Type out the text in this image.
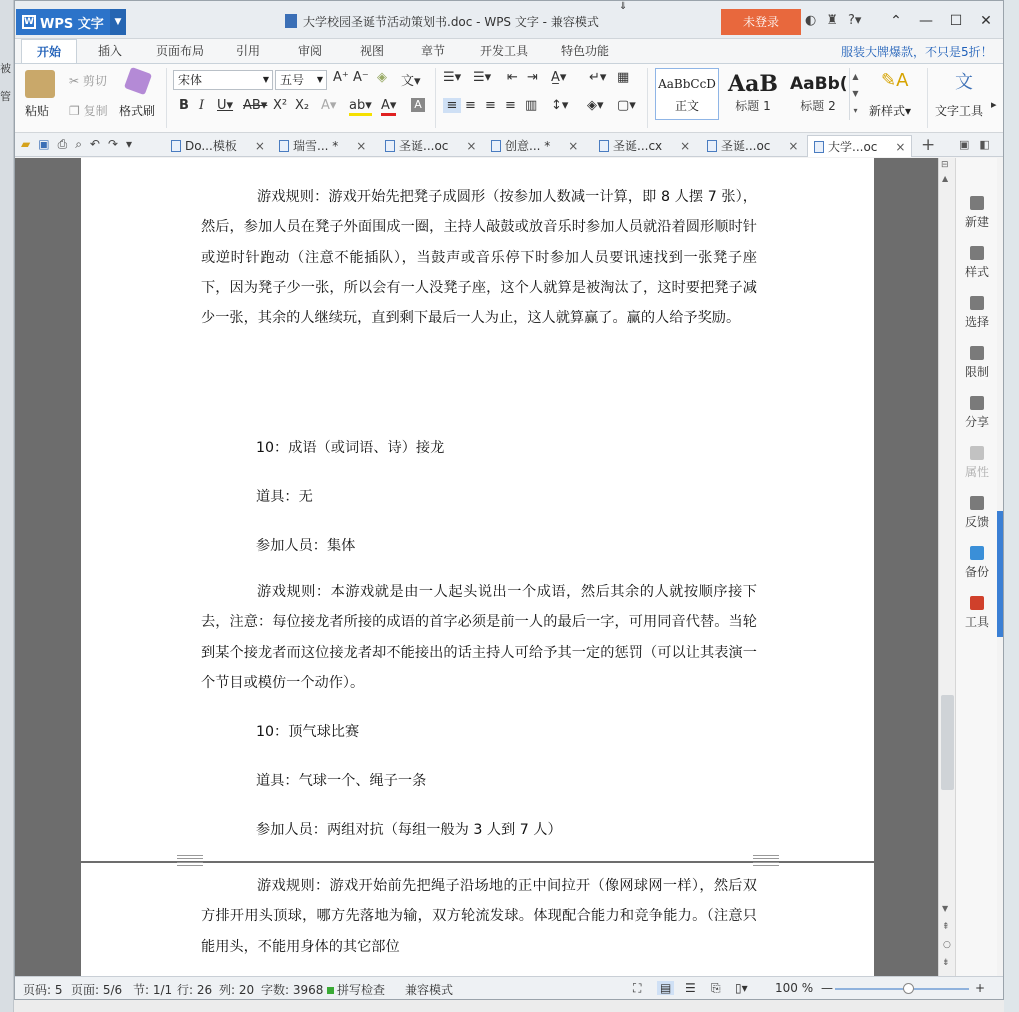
被
管
W WPS 文字	▼	大学校园圣诞节活动策划书.doc - WPS 文字 - 兼容模式
⇓
未登录	◐ ♜ ?▾	⌃	—	☐	✕
开始	插入	页面布局	引用	审阅	视图	章节	开发工具	特色功能	服装大牌爆款，不只是5折！
粘贴
✂ 剪切
❐ 复制 格式刷
宋体	▼ 五号 ▼ A⁺ A⁻ ◈ 文▾
B I U▾ AB▾ X² X₂ A▾ ab▾ A▾ A
☰▾ ☰▾ ⇤ ⇥ A̲▾ ↵▾ ▦
≡ ≡ ≡ ≡ ▥ ↕▾ ◈▾ ▢▾
AaBbCcD
正文
AaB
标题 1
AaBb(
标题 2
▲
▼
▾
✎A
新样式▾
文
文字工具 ▸
▰ ▣ ⎙ ⌕ ↶ ↷ ▾	Do...模板 × 瑞雪... * ×	圣诞...oc × 创意... * ×	圣诞...cx ×	圣诞...oc × 大学...oc × + ▣ ◧
游戏规则：游戏开始先把凳子成圆形（按参加人数减一计算，即 8 人摆 7 张），然后，参加人员在凳子外面围成一圈，主持人敲鼓或放音乐时参加人员就沿着圆形顺时针或逆时针跑动（注意不能插队），当鼓声或音乐停下时参加人员要讯速找到一张凳子座下，因为凳子少一张，所以会有一人没凳子座，这个人就算是被淘汰了，这时要把凳子减少一张，其余的人继续玩，直到剩下最后一人为止，这人就算赢了。赢的人给予奖励。
10：成语（或词语、诗）接龙
道具：无
参加人员：集体
游戏规则：本游戏就是由一人起头说出一个成语，然后其余的人就按顺序接下去，注意：每位接龙者所接的成语的首字必须是前一人的最后一字，可用同音代替。当轮到某个接龙者而这位接龙者却不能接出的话主持人可给予其一定的惩罚（可以让其表演一个节目或模仿一个动作）。
10：顶气球比赛
道具：气球一个、绳子一条
参加人员：两组对抗（每组一般为 3 人到 7 人）
游戏规则：游戏开始前先把绳子沿场地的正中间拉开（像网球网一样），然后双方排开用头顶球，哪方先落地为输，双方轮流发球。体现配合能力和竞争能力。（注意只能用头，不能用身体的其它部位
⊟
▲
▼
⇞
○
⇟
新建
样式
选择
限制
分享
属性
反馈
备份
工具
页码: 5 页面: 5/6 节: 1/1 行: 26 列: 20 字数: 3968	拼写检查 兼容模式	⛶ ▤ ☰ ⎘ ▯▾ 100 % —	+
